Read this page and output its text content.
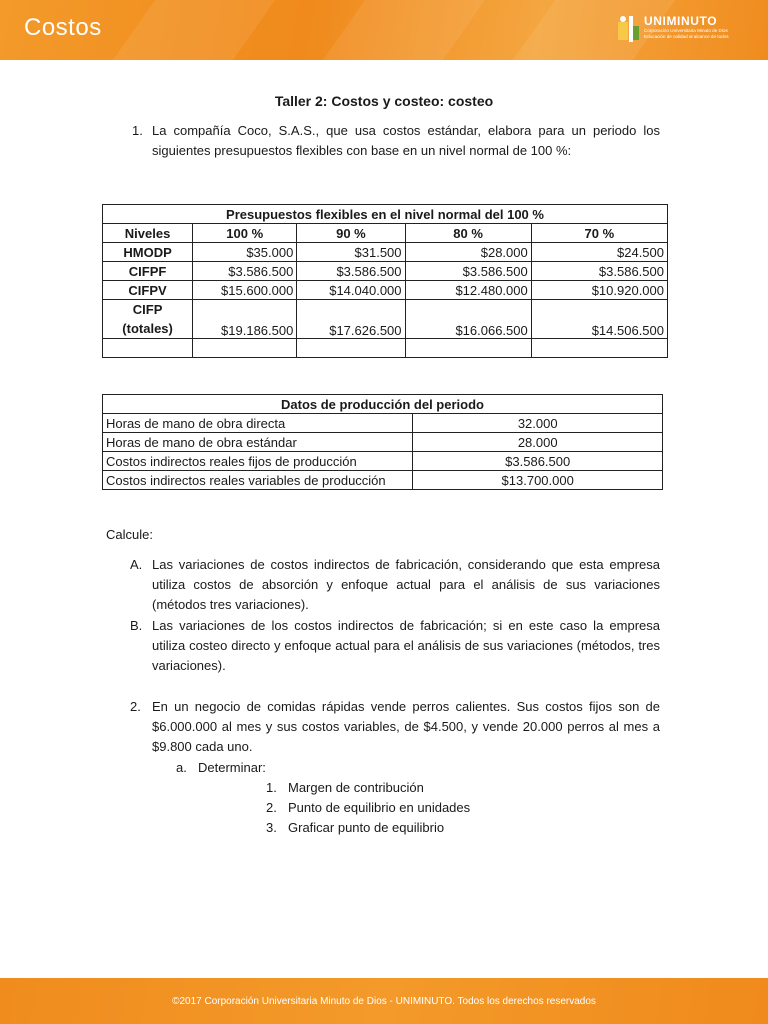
Costos	UNIMINUTO
Corporación Universitaria Minuto de Dios
Educación de calidad al alcance de todos
Taller 2: Costos y costeo: costeo
1. La compañía Coco, S.A.S., que usa costos estándar, elabora para un periodo los siguientes presupuestos flexibles con base en un nivel normal de 100 %:
Presupuestos flexibles en el nivel normal del 100 %				
Niveles	100 %	90 %	80 %	70 %
HMODP	$35.000	$31.500	$28.000	$24.500
CIFPF	$3.586.500	$3.586.500	$3.586.500	$3.586.500
CIFPV	$15.600.000	$14.040.000	$12.480.000	$10.920.000

CIFP
(totales)	$19.186.500	$17.626.500	$16.066.500	$14.506.500

Datos de producción del periodo	
Horas de mano de obra directa	32.000
Horas de mano de obra estándar	28.000
Costos indirectos reales fijos de producción	$3.586.500
Costos indirectos reales variables de producción	$13.700.000
Calcule:
A. Las variaciones de costos indirectos de fabricación, considerando que esta empresa utiliza costos de absorción y enfoque actual para el análisis de sus variaciones (métodos tres variaciones).
B. Las variaciones de los costos indirectos de fabricación; si en este caso la empresa utiliza costeo directo y enfoque actual para el análisis de sus variaciones (métodos, tres variaciones).
2. En un negocio de comidas rápidas vende perros calientes. Sus costos fijos son de $6.000.000 al mes y sus costos variables, de $4.500, y vende 20.000 perros al mes a $9.800 cada uno.
a. Determinar:
1. Margen de contribución
2. Punto de equilibrio en unidades
3. Graficar punto de equilibrio
©2017 Corporación Universitaria Minuto de Dios - UNIMINUTO. Todos los derechos reservados
